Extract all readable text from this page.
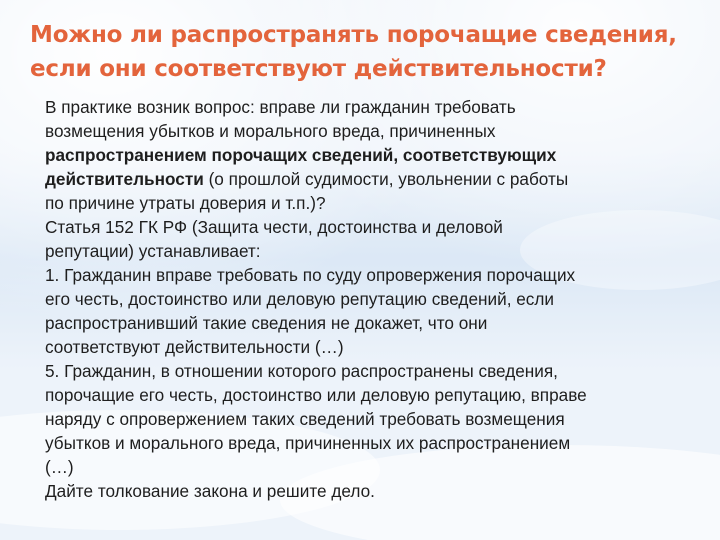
Можно ли распространять порочащие сведения,
если они соответствуют действительности?
В практике возник вопрос: вправе ли гражданин требовать
возмещения убытков и морального вреда, причиненных
распространением порочащих сведений, соответствующих
действительности (о прошлой судимости, увольнении с работы
по причине утраты доверия и т.п.)?
Статья 152 ГК РФ (Защита чести, достоинства и деловой
репутации) устанавливает:
1. Гражданин вправе требовать по суду опровержения порочащих
его честь, достоинство или деловую репутацию сведений, если
распространивший такие сведения не докажет, что они
соответствуют действительности (…)
5. Гражданин, в отношении которого распространены сведения,
порочащие его честь, достоинство или деловую репутацию, вправе
наряду с опровержением таких сведений требовать возмещения
убытков и морального вреда, причиненных их распространением
(…)
Дайте толкование закона и решите дело.
